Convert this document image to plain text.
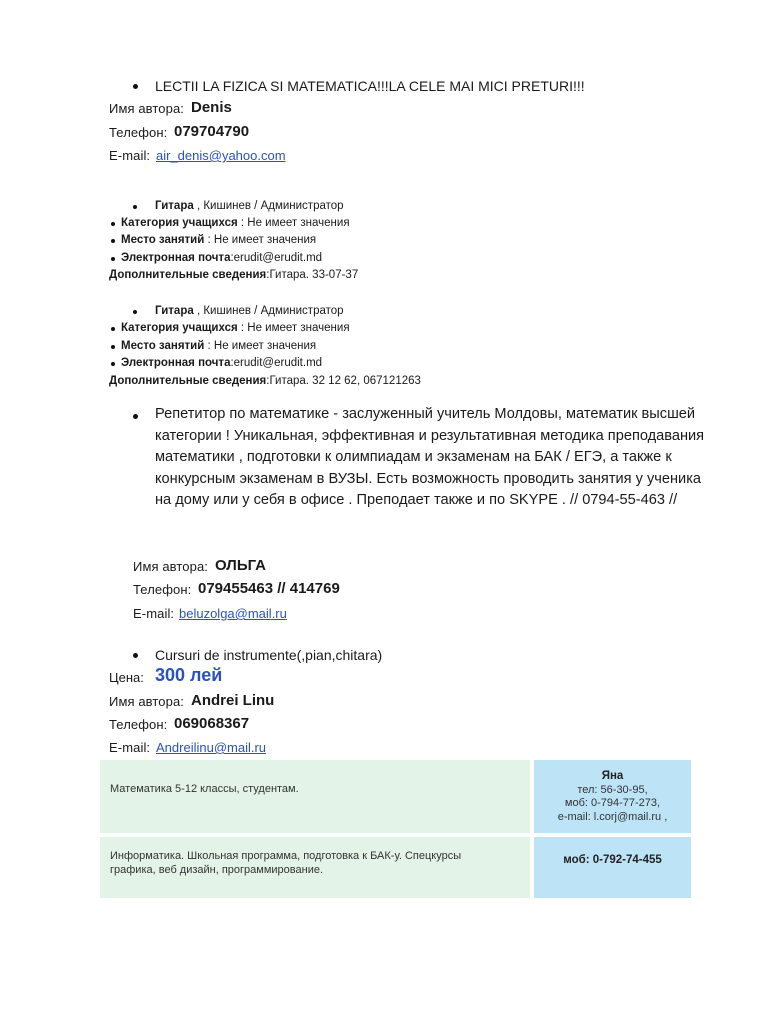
LECTII LA FIZICA SI MATEMATICA!!!LA CELE MAI MICI PRETURI!!!
Имя автора: Denis
Телефон: 079704790
E-mail: air_denis@yahoo.com
Гитара , Кишинев / Администратор
Категория учащихся : Не имеет значения
Место занятий : Не имеет значения
Электронная почта:erudit@erudit.md
Дополнительные сведения:Гитара. 33-07-37
Гитара , Кишинев / Администратор
Категория учащихся : Не имеет значения
Место занятий : Не имеет значения
Электронная почта:erudit@erudit.md
Дополнительные сведения:Гитара. 32 12 62, 067121263
Репетитор по математике - заслуженный учитель Молдовы, математик высшей категории ! Уникальная, эффективная и результативная методика преподавания математики , подготовки к олимпиадам и экзаменам на БАК / ЕГЭ, а также к конкурсным экзаменам в ВУЗЫ. Есть возможность проводить занятия у ученика на дому или у себя в офисе . Преподает также и по SKYPE . // 0794-55-463 //
Имя автора: ОЛЬГА
Телефон: 079455463 // 414769
E-mail: beluzolga@mail.ru
Cursuri de instrumente(,pian,chitara)
Цена: 300 лей
Имя автора: Andrei Linu
Телефон: 069068367
E-mail: Andreilinu@mail.ru
Математика 5-12 классы, студентам.
Яна
тел: 56-30-95,
моб: 0-794-77-273,
e-mail: l.corj@mail.ru ,
Информатика. Школьная программа, подготовка к БАК-у. Спецкурсы
графика, веб дизайн, программирование.
моб: 0-792-74-455
